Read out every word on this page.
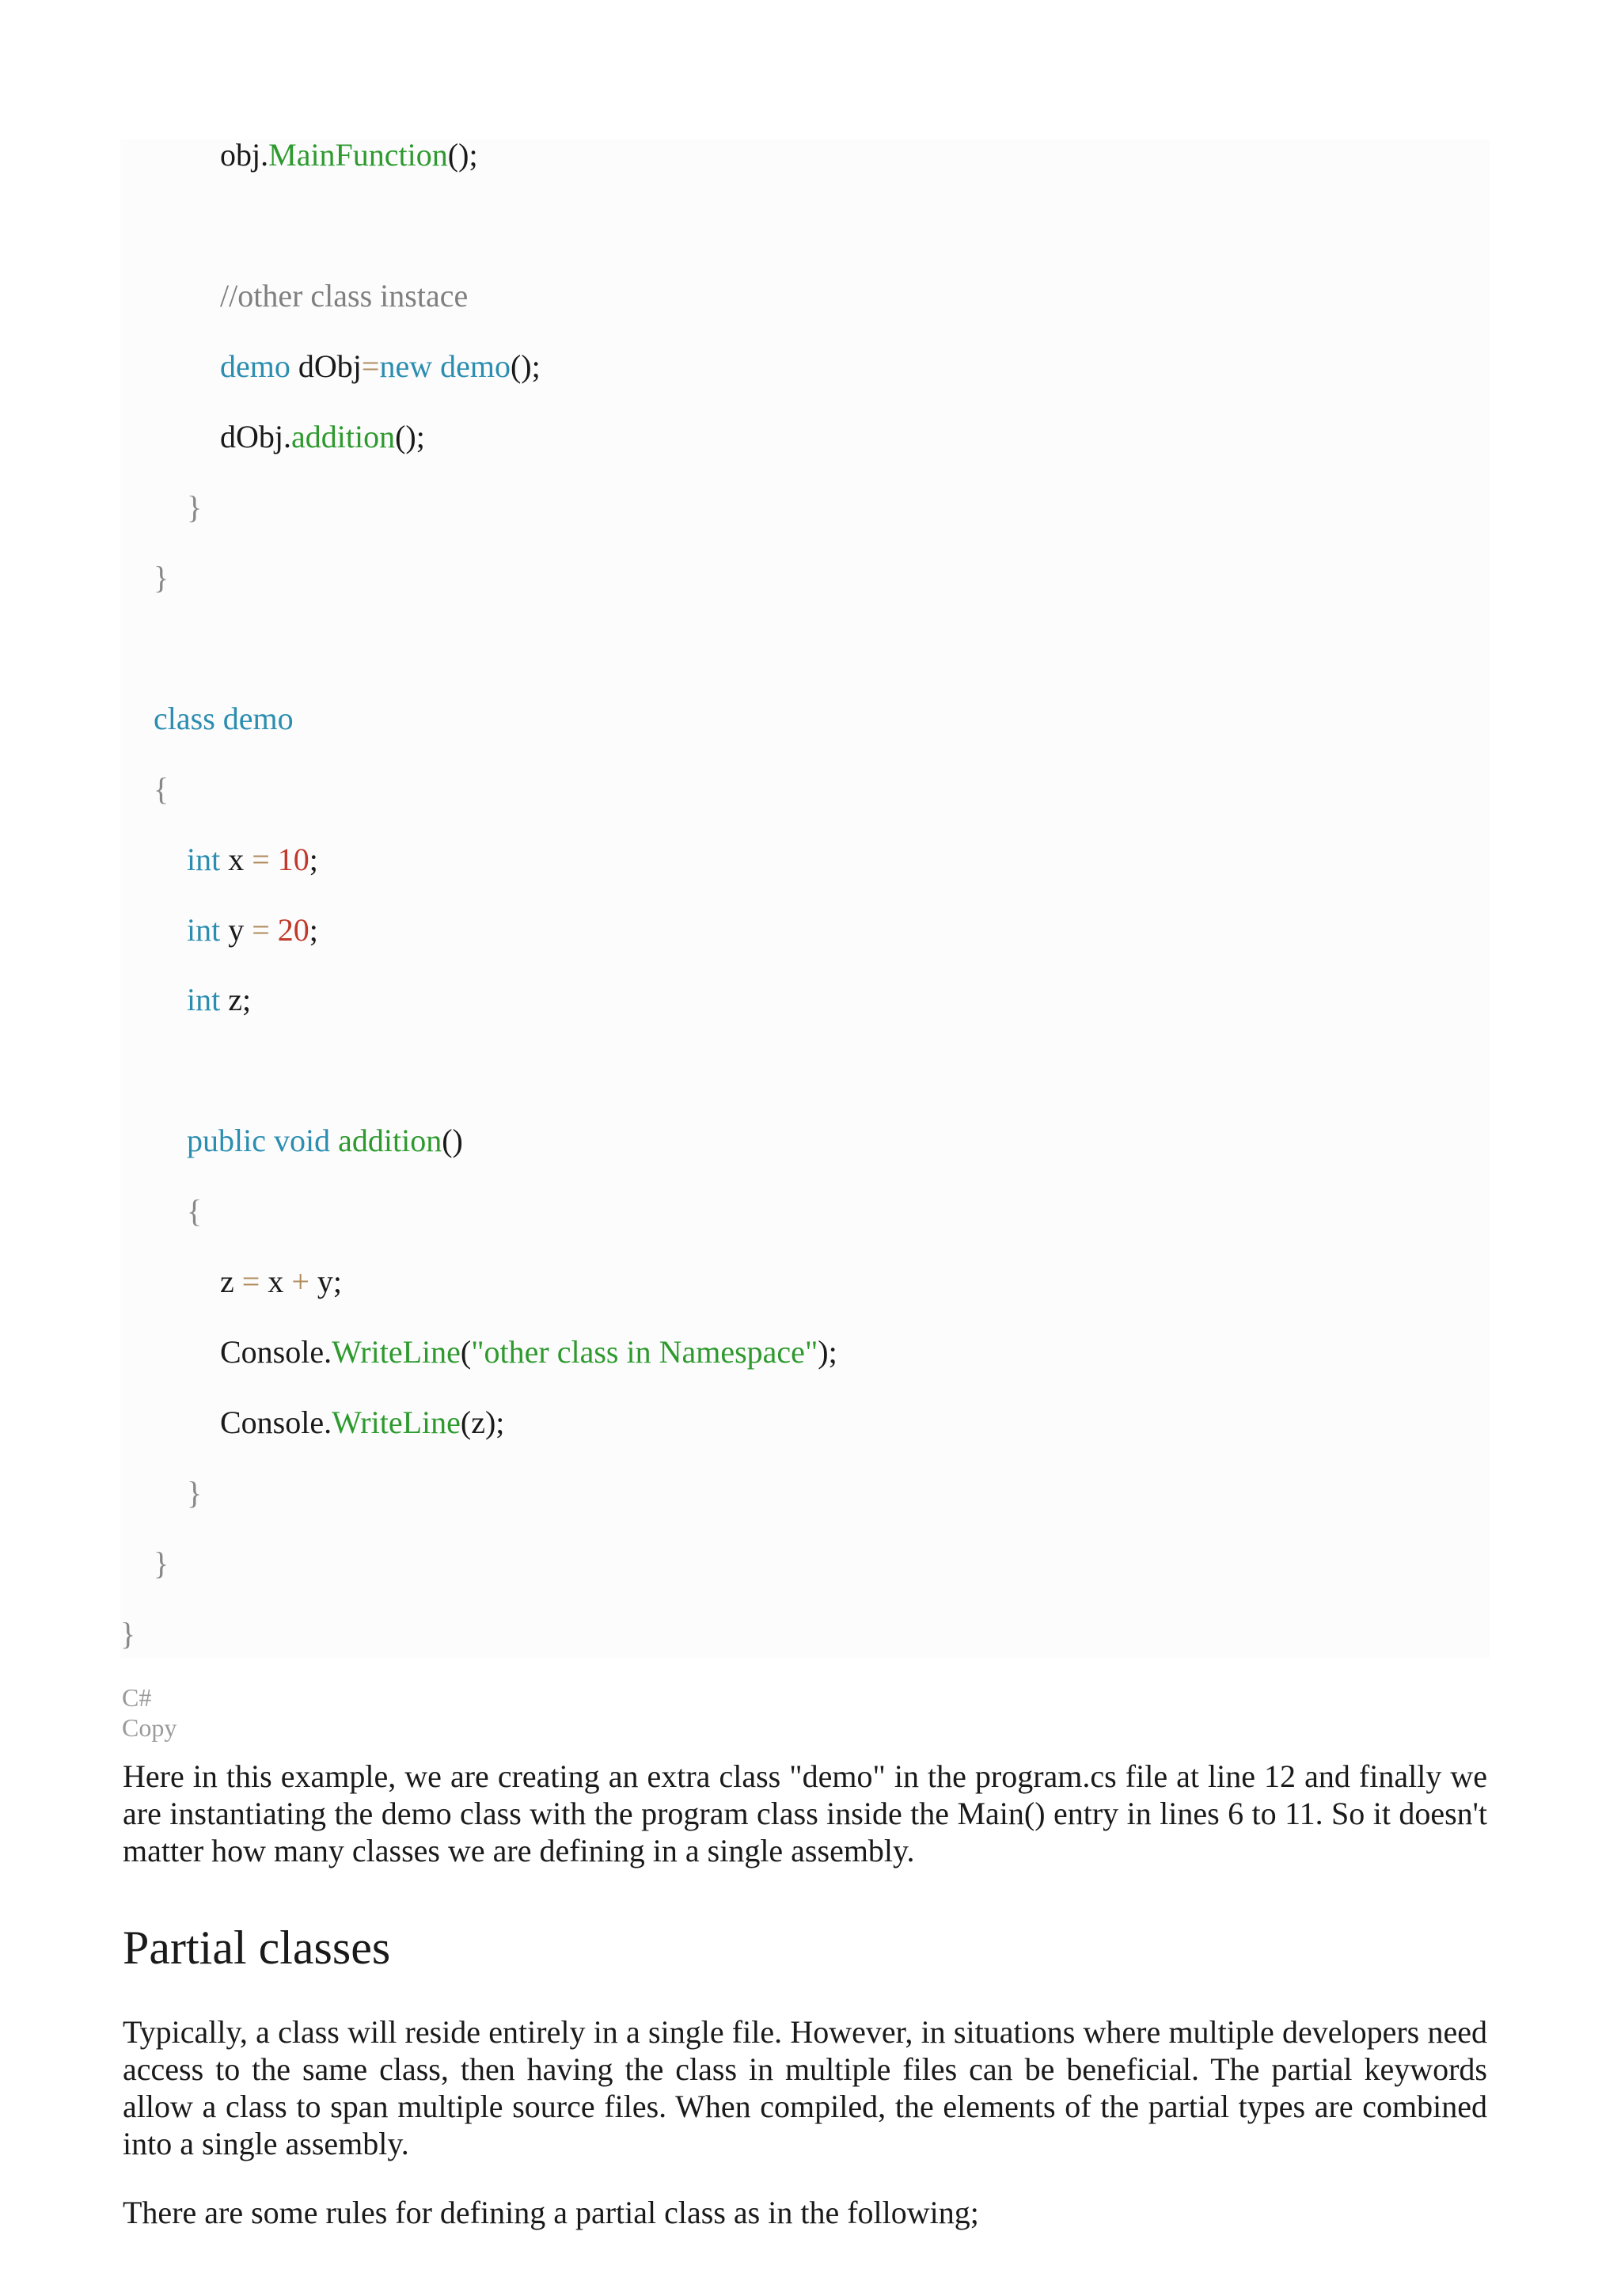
obj.MainFunction();
//other class instace
demo dObj=new demo();
dObj.addition();
}
}
class demo
{
int x = 10;
int y = 20;
int z;
public void addition()
{
z = x + y;
Console.WriteLine("other class in Namespace");
Console.WriteLine(z);
}
}
}
C#
Copy

Here in this example, we are creating an extra class "demo" in the program.cs file at line 12 and finally we are instantiating the demo class with the program class inside the Main() entry in lines 6 to 11. So it doesn't matter how many classes we are defining in a single assembly.

Partial classes

Typically, a class will reside entirely in a single file. However, in situations where multiple developers need access to the same class, then having the class in multiple files can be beneficial. The partial keywords allow a class to span multiple source files. When compiled, the elements of the partial types are combined into a single assembly.

There are some rules for defining a partial class as in the following;
